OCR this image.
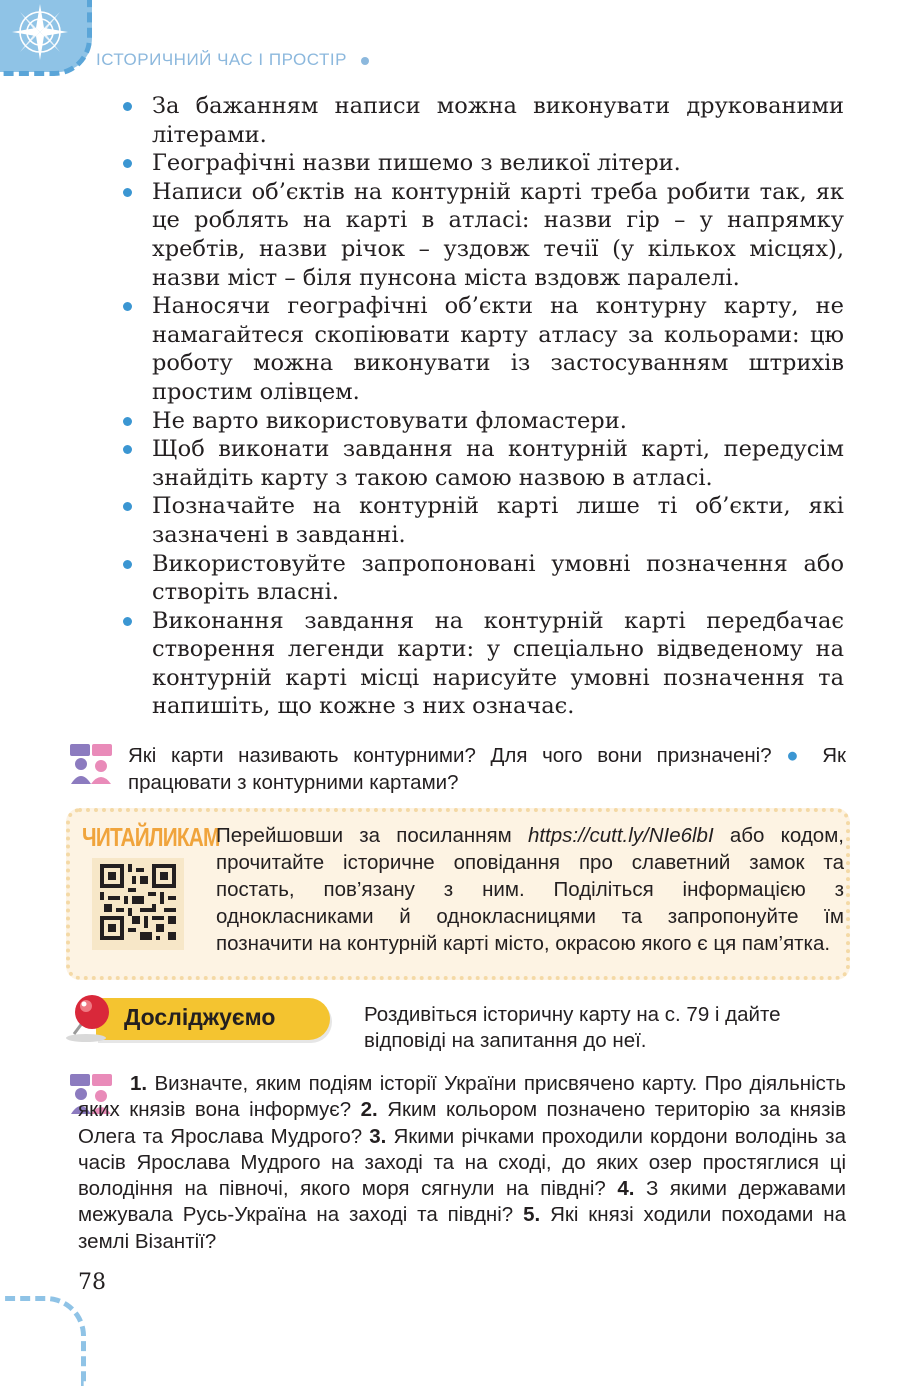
ІСТОРИЧНИЙ ЧАС І ПРОСТІР
За бажанням написи можна виконувати друкованими літерами.
Географічні назви пишемо з великої літери.
Написи об’єктів на контурній карті треба робити так, як це роблять на карті в атласі: назви гір – у напрямку хребтів, назви річок – уздовж течії (у кількох місцях), назви міст – біля пунсона міста вздовж паралелі.
Наносячи географічні об’єкти на контурну карту, не намагайтеся скопіювати карту атласу за кольорами: цю роботу можна виконувати із застосуванням штрихів простим олівцем.
Не варто використовувати фломастери.
Щоб виконати завдання на контурній карті, передусім знайдіть карту з такою самою назвою в атласі.
Позначайте на контурній карті лише ті об’єкти, які зазначені в завданні.
Використовуйте запропоновані умовні позначення або створіть власні.
Виконання завдання на контурній карті передбачає створення легенди карти: у спеціально відведеному на контурній карті місці нарисуйте умовні позначення та напишіть, що кожне з них означає.
Які карти називають контурними? Для чого вони призначені? ● Як працювати з контурними картами?
ЧИТАЙЛИКАМ
Перейшовши за посиланням https://cutt.ly/NIe6lbI або кодом, прочитайте історичне оповідання про славетний замок та постать, пов’язану з ним. Поділіться інформацією з однокласниками й однокласницями та запропонуйте їм позначити на контурній карті місто, окрасою якого є ця пам’ятка.
Досліджуємо	Роздивіться історичну карту на с. 79 і дайте відповіді на запитання до неї.
1. Визначте, яким подіям історії України присвячено карту. Про діяльність яких князів вона інформує? 2. Яким кольором позначено територію за князів Олега та Ярослава Мудрого? 3. Якими річками проходили кордони володінь за часів Ярослава Мудрого на заході та на сході, до яких озер простяглися ці володіння на півночі, якого моря сягнули на півдні? 4. З якими державами межувала Русь-Україна на заході та півдні? 5. Які князі ходили походами на землі Візантії?
78
